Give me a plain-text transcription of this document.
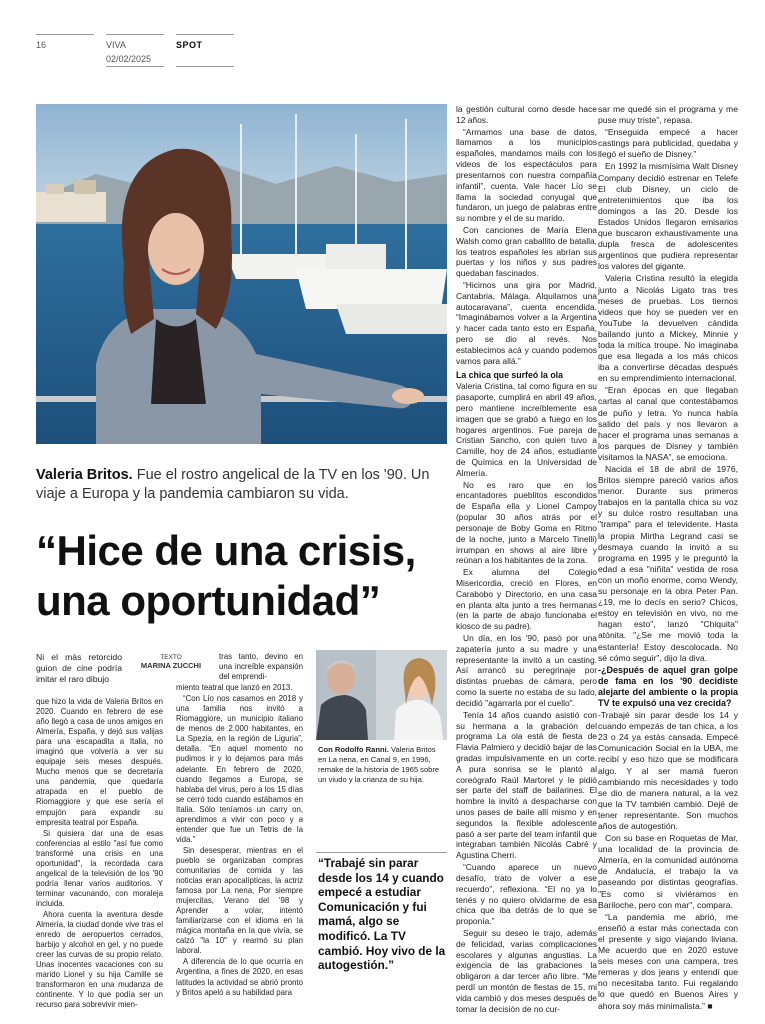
16	VIVA
02/02/2025
SPOT
Valeria Britos. Fue el rostro angelical de la TV en los '90. Un viaje a Europa y la pandemia cambiaron su vida.
“Hice de una crisis,
una oportunidad”

Ni el más retorcido guion de cine podría imitar el raro dibujo

TEXTO
MARINA ZUCCHI

que hizo la vida de Valeria Britos en 2020. Cuando en febrero de ese año llegó a casa de unos amigos en Almería, España, y dejó sus valijas para una escapadita a Italia, no imaginó que volvería a ver su equipaje seis meses después. Mucho menos que se decretaría una pandemia, que quedaría atrapada en el pueblo de Riomaggiore y que ese sería el empujón para expandir su empresita teatral por España.

Si quisiera dar una de esas conferencias al estilo "así fue como transformé una crisis en una oportunidad", la recordada cara angelical de la televisión de los '90 podría llenar varios auditorios. Y terminar vacunando, con moraleja incluida.

Ahora cuenta la aventura desde Almería, la ciudad donde vive tras el enredo de aeropuertos cerrados, barbijo y alcohol en gel, y no puede creer las curvas de su propio relato. Unas inocentes vacaciones con su marido Lionel y su hija Camille se transformaron en una mudanza de continente. Y lo que podía ser un recurso para sobrevivir mien-

tras tanto, devino en una increíble expansión del emprendi-

miento teatral que lanzó en 2013.

“Con Lío nos casamos en 2018 y una familia nos invitó a Riomaggiore, un municipio italiano de menos de 2.000 habitantes, en La Spezia, en la región de Liguria”, detalla. “En aquel momento no pudimos ir y lo dejamos para más adelante. En febrero de 2020, cuando llegamos a Europa, se hablaba del virus, pero a los 15 días se cerró todo cuando estábamos en Italia. Sólo teníamos un carry on, aprendimos a vivir con poco y a entender que fue un Tetris de la vida.”

Sin desesperar, mientras en el pueblo se organizaban compras comunitarias de comida y las noticias eran apocalípticas, la actriz famosa por La nena, Por siempre mujercitas, Verano del '98 y Aprender a volar, intentó familiarizarse con el idioma en la mágica montaña en la que vivía, se calzó "la 10" y rearmó su plan laboral.

A diferencia de lo que ocurría en Argentina, a fines de 2020, en esas latitudes la actividad se abrió pronto y Britos apeló a su habilidad para

Con Rodolfo Ranni. Valeria Britos en La nena, en Canal 9, en 1996, remake de la historia de 1965 sobre un viudo y la crianza de su hija.
“Trabajé sin parar desde los 14 y cuando empecé a estudiar Comunicación y fui mamá, algo se modificó. La TV cambió. Hoy vivo de la autogestión.”

la gestión cultural como desde hace 12 años.

“Armamos una base de datos, llamamos a los municipios españoles, mandamos mails con los videos de los espectáculos para presentarnos con nuestra compañía infantil”, cuenta. Vale hacer Lío se llama la sociedad conyugal que fundaron, un juego de palabras entre su nombre y el de su marido.

Con canciones de María Elena Walsh como gran caballito de batalla, los teatros españoles les abrían sus puertas y los niños y sus padres quedaban fascinados.

“Hicimos una gira por Madrid, Cantabria, Málaga. Alquilamos una autocaravana”, cuenta encendida. “Imaginábamos volver a la Argentina y hacer cada tanto esto en España, pero se dio al revés. Nos establecimos acá y cuando podemos vamos para allá.”

La chica que surfeó la ola

Valeria Cristina, tal como figura en su pasaporte, cumplirá en abril 49 años, pero mantiene increíblemente esa imagen que se grabó a fuego en los hogares argentinos. Fue pareja de Cristian Sancho, con quien tuvo a Camille, hoy de 24 años, estudiante de Química en la Universidad de Almería.

No es raro que en los encantadores pueblitos escondidos de España ella y Lionel Campoy (popular 30 años atrás por el personaje de Boby Goma en Ritmo de la noche, junto a Marcelo Tinelli) irrumpan en shows al aire libre y reúnan a los habitantes de la zona.

Ex alumna del Colegio Misericordia, creció en Flores, en Carabobo y Directorio, en una casa en planta alta junto a tres hermanas (en la parte de abajo funcionaba el kiosco de su padre).

Un día, en los '90, pasó por una zapatería junto a su madre y una representante la invitó a un casting. Así arrancó su peregrinaje por distintas pruebas de cámara, pero como la suerte no estaba de su lado, decidió "agarrarla por el cuello".

Tenía 14 años cuando asistió con su hermana a la grabación del programa La ola está de fiesta de Flavia Palmiero y decidió bajar de las gradas impulsivamente en un corte. A pura sonrisa se le plantó al coreógrafo Raúl Martorel y le pidió ser parte del staff de bailarines. El hombre la invitó a despacharse con unos pases de baile allí mismo y en segundos la flexible adolescente pasó a ser parte del team infantil que integraban también Nicolás Cabré y Agustina Cherri.

“Cuando aparece un nuevo desafío, trato de volver a ese recuerdo”, reflexiona. “El no ya lo tenés y no quiero olvidarme de esa chica que iba detrás de lo que se proponía.”

Seguir su deseo le trajo, además de felicidad, varias complicaciones escolares y algunas angustias. La exigencia de las grabaciones la obligaron a dar tercer año libre. “Me perdí un montón de fiestas de 15, mi vida cambió y dos meses después de tomar la decisión de no cur-

sar me quedé sin el programa y me puse muy triste”, repasa.

“Enseguida empecé a hacer castings para publicidad, quedaba y llegó el sueño de Disney.”

En 1992 la mismísima Walt Disney Company decidió estrenar en Telefe El club Disney, un ciclo de entretenimientos que iba los domingos a las 20. Desde los Estados Unidos llegaron emisarios que buscaron exhaustivamente una dupla fresca de adolescentes argentinos que pudiera representar los valores del gigante.

Valeria Cristina resultó la elegida junto a Nicolás Ligato tras tres meses de pruebas. Los tiernos videos que hoy se pueden ver en YouTube la devuelven cándida bailando junto a Mickey, Minnie y toda la mítica troupe. No imaginaba que esa llegada a los más chicos iba a convertirse décadas después en su emprendimiento internacional.

“Eran épocas en que llegaban cartas al canal que contestábamos de puño y letra. Yo nunca había salido del país y nos llevaron a hacer el programa unas semanas a los parques de Disney y también visitamos la NASA”, se emociona.

Nacida el 18 de abril de 1976, Britos siempre pareció varios años menor. Durante sus primeros trabajos en la pantalla chica su voz y su dulce rostro resultaban una "trampa" para el televidente. Hasta la propia Mirtha Legrand casi se desmaya cuando la invitó a su programa en 1995 y le preguntó la edad a esa "niñita" vestida de rosa con un moño enorme, como Wendy, su personaje en la obra Peter Pan. ¿19, me lo decís en serio? Chicos, estoy en televisión en vivo, no me hagan esto", lanzó "Chiquita" atónita. "¿Se me movió toda la estantería! Estoy descolocada. No sé cómo seguir", dijo la diva.

-¿Después de aquel gran golpe de fama en los '90 decidiste alejarte del ambiente o la propia TV te expulsó una vez crecida?

-Trabajé sin parar desde los 14 y cuando empezás de tan chica, a los 23 o 24 ya estás cansada. Empecé Comunicación Social en la UBA, me recibí y eso hizo que se modificara algo. Y al ser mamá fueron cambiando mis necesidades y todo se dio de manera natural, a la vez que la TV también cambió. Dejé de tener representante. Son muchos años de autogestión.

Con su base en Roquetas de Mar, una localidad de la provincia de Almería, en la comunidad autónoma de Andalucía, el trabajo la va paseando por distintas geografías. "Es como si viviéramos en Bariloche, pero con mar", compara.

“La pandemia me abrió, me enseñó a estar más conectada con el presente y sigo viajando liviana. Me acuerdo que en 2020 estuve seis meses con una campera, tres remeras y dos jeans y entendí que no necesitaba tanto. Fui regalando lo que quedó en Buenos Aires y ahora soy más minimalista.” ■
